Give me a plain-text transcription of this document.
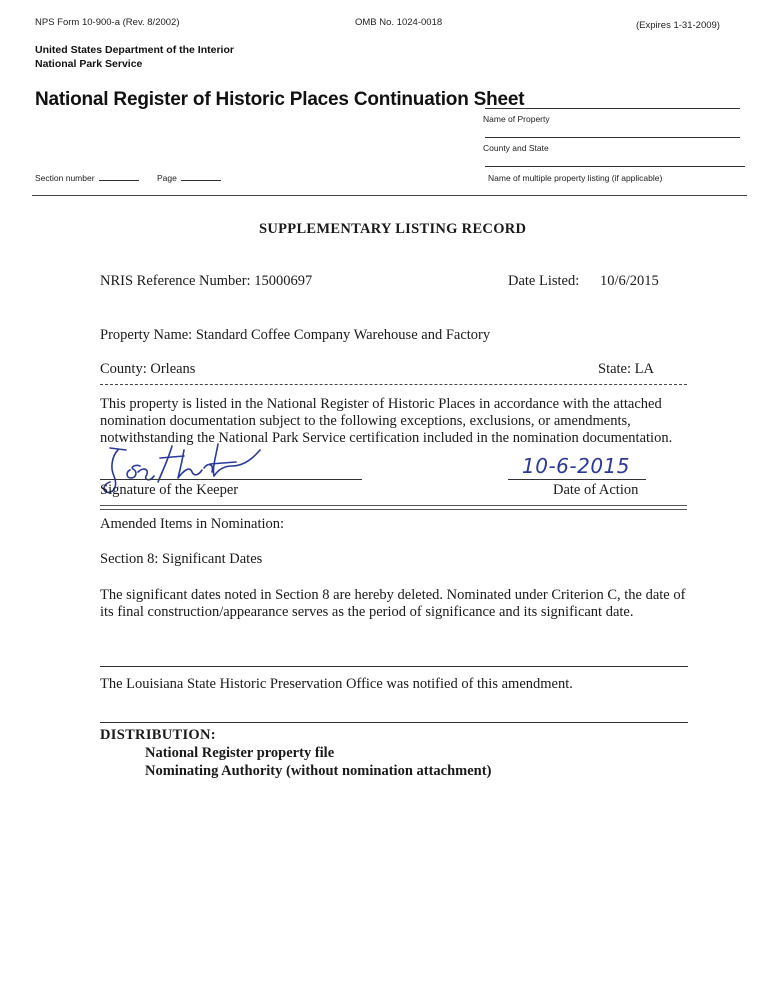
NPS Form 10-900-a (Rev. 8/2002)	OMB No. 1024-0018	(Expires 1-31-2009)
United States Department of the Interior
National Park Service
National Register of Historic Places Continuation Sheet
Name of Property
County and State
Name of multiple property listing (if applicable)
Section number	Page
SUPPLEMENTARY LISTING RECORD
NRIS Reference Number: 15000697	Date Listed: 10/6/2015
Property Name: Standard Coffee Company Warehouse and Factory
County: Orleans	State: LA
This property is listed in the National Register of Historic Places in accordance with the attached nomination documentation subject to the following exceptions, exclusions, or amendments, notwithstanding the National Park Service certification included in the nomination documentation.
Signature of the Keeper
10-6-2015
Date of Action
Amended Items in Nomination:
Section 8: Significant Dates
The significant dates noted in Section 8 are hereby deleted. Nominated under Criterion C, the date of its final construction/appearance serves as the period of significance and its significant date.
The Louisiana State Historic Preservation Office was notified of this amendment.
DISTRIBUTION:
National Register property file
Nominating Authority (without nomination attachment)
